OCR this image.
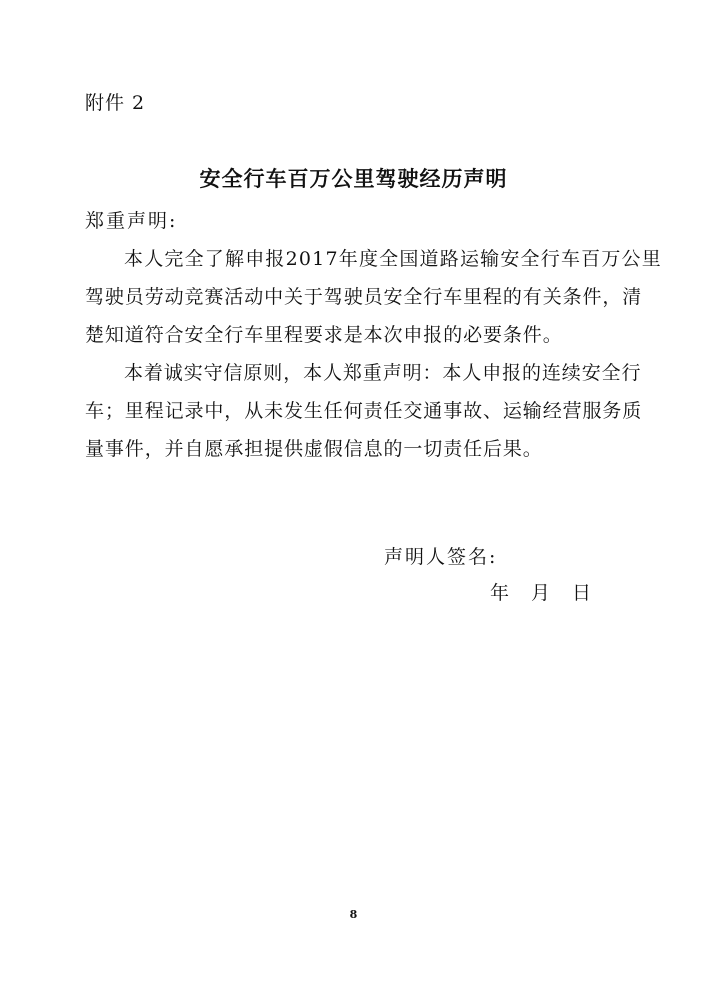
附件 2
安全行车百万公里驾驶经历声明
郑重声明:
本人完全了解申报2017年度全国道路运输安全行车百万公里
驾驶员劳动竞赛活动中关于驾驶员安全行车里程的有关条件，清
楚知道符合安全行车里程要求是本次申报的必要条件。
本着诚实守信原则，本人郑重声明：本人申报的连续安全行
车；里程记录中，从未发生任何责任交通事故、运输经营服务质
量事件，并自愿承担提供虚假信息的一切责任后果。
声明人签名:
年 月 日
8
